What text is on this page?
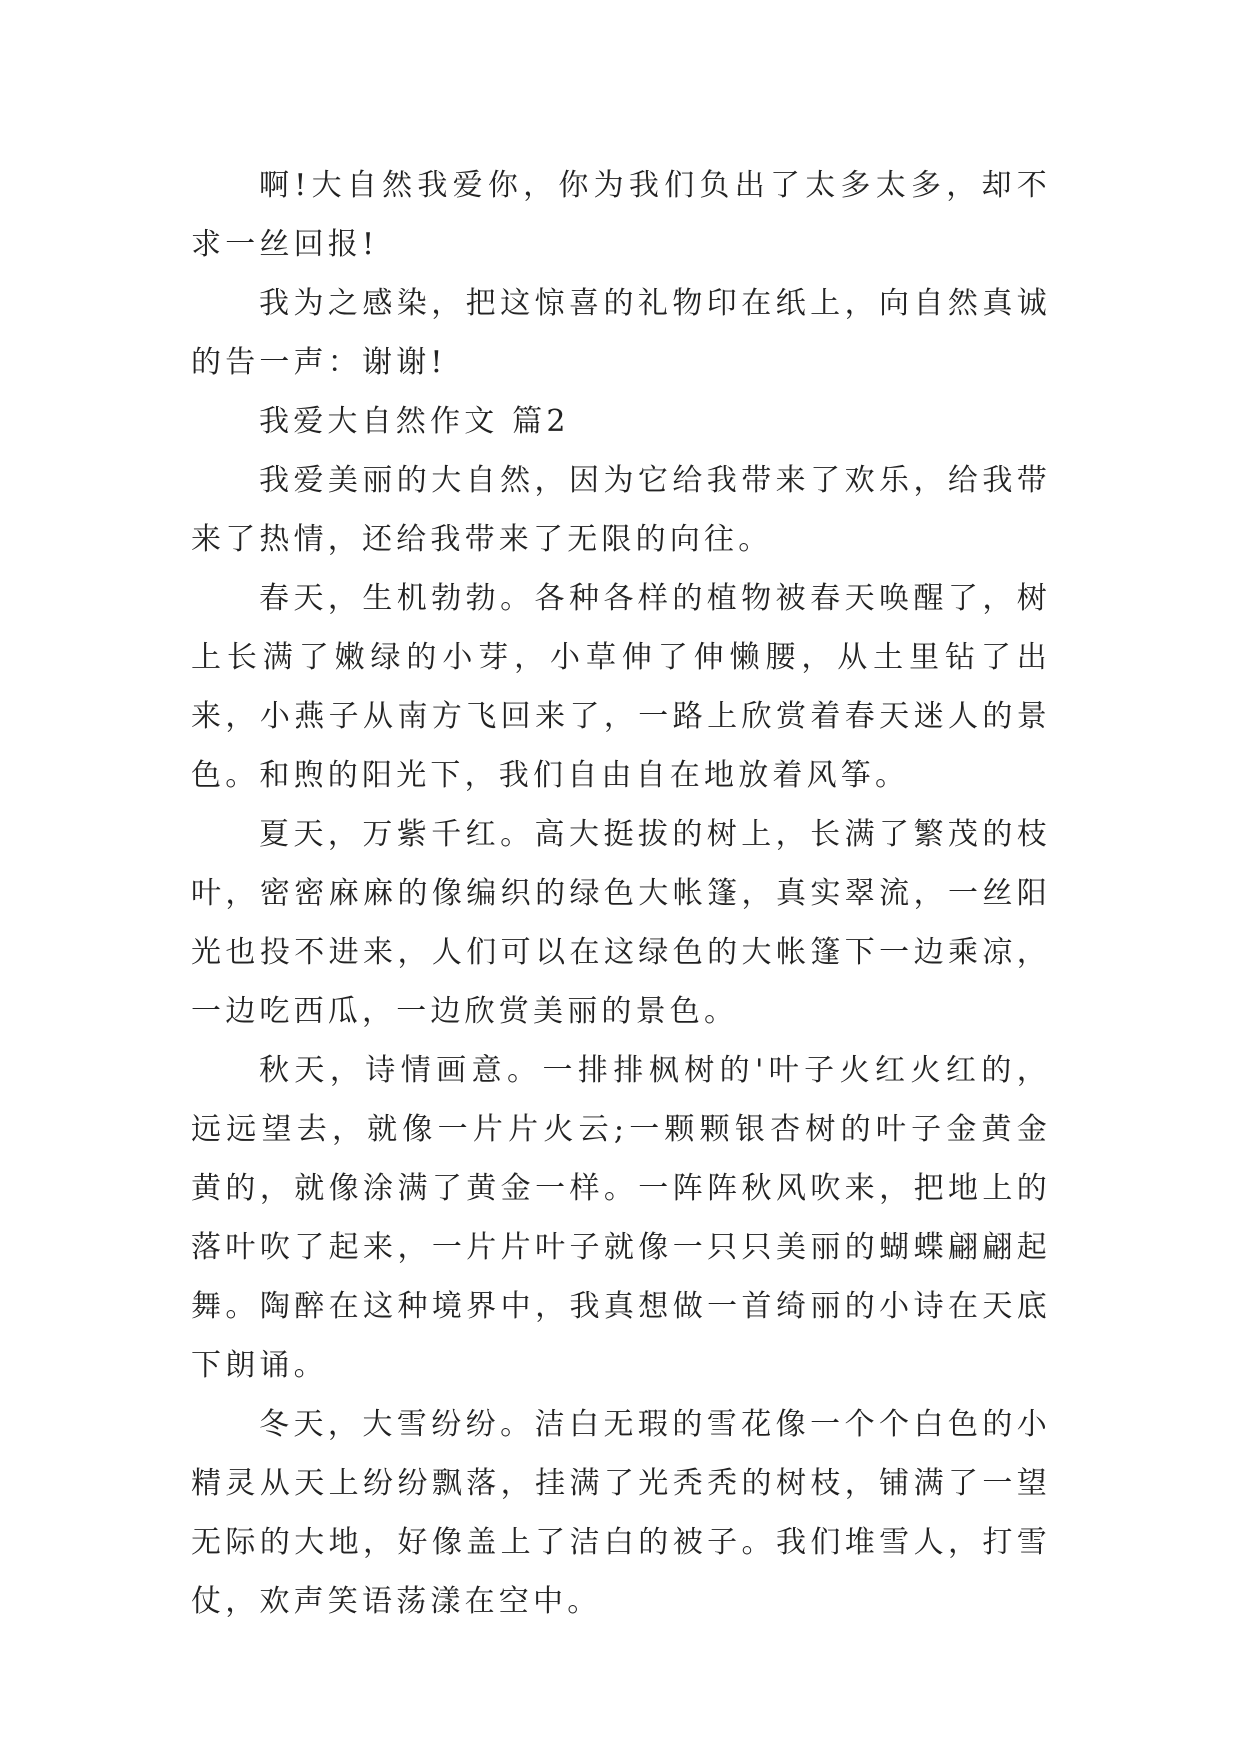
啊!大自然我爱你，你为我们负出了太多太多，却不求一丝回报!

我为之感染，把这惊喜的礼物印在纸上，向自然真诚的告一声：谢谢!

我爱大自然作文 篇2

我爱美丽的大自然，因为它给我带来了欢乐，给我带来了热情，还给我带来了无限的向往。

春天，生机勃勃。各种各样的植物被春天唤醒了，树上长满了嫩绿的小芽，小草伸了伸懒腰，从土里钻了出来，小燕子从南方飞回来了，一路上欣赏着春天迷人的景色。和煦的阳光下，我们自由自在地放着风筝。

夏天，万紫千红。高大挺拔的树上，长满了繁茂的枝叶，密密麻麻的像编织的绿色大帐篷，真实翠流，一丝阳光也投不进来，人们可以在这绿色的大帐篷下一边乘凉，一边吃西瓜，一边欣赏美丽的景色。

秋天，诗情画意。一排排枫树的'叶子火红火红的，远远望去，就像一片片火云;一颗颗银杏树的叶子金黄金黄的，就像涂满了黄金一样。一阵阵秋风吹来，把地上的落叶吹了起来，一片片叶子就像一只只美丽的蝴蝶翩翩起舞。陶醉在这种境界中，我真想做一首绮丽的小诗在天底下朗诵。

冬天，大雪纷纷。洁白无瑕的雪花像一个个白色的小精灵从天上纷纷飘落，挂满了光秃秃的树枝，铺满了一望无际的大地，好像盖上了洁白的被子。我们堆雪人，打雪仗，欢声笑语荡漾在空中。
